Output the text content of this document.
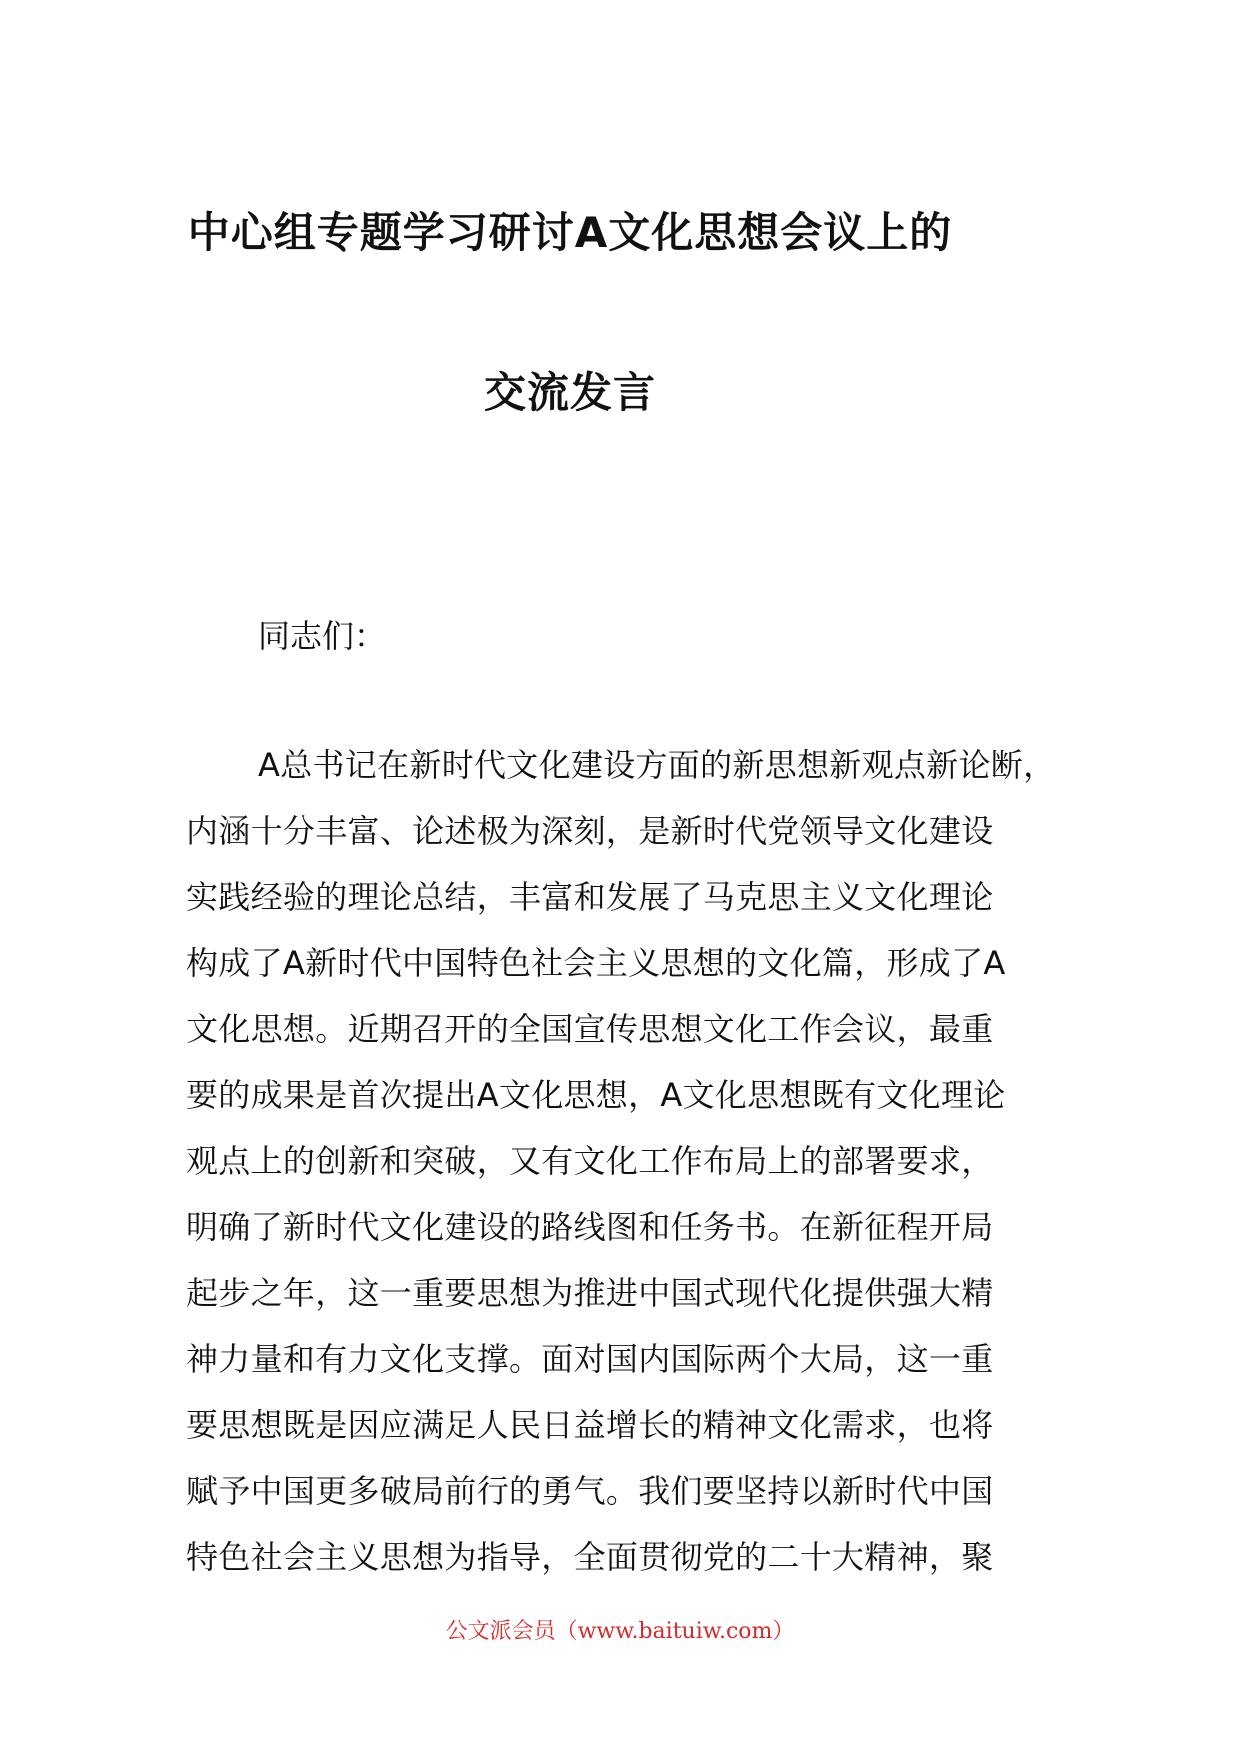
中心组专题学习研讨A文化思想会议上的
交流发言

同志们：

A总书记在新时代文化建设方面的新思想新观点新论断，
内涵十分丰富、论述极为深刻，是新时代党领导文化建设
实践经验的理论总结，丰富和发展了马克思主义文化理论
构成了A新时代中国特色社会主义思想的文化篇，形成了A
文化思想。近期召开的全国宣传思想文化工作会议，最重
要的成果是首次提出A文化思想，A文化思想既有文化理论
观点上的创新和突破，又有文化工作布局上的部署要求，
明确了新时代文化建设的路线图和任务书。在新征程开局
起步之年，这一重要思想为推进中国式现代化提供强大精
神力量和有力文化支撑。面对国内国际两个大局，这一重
要思想既是因应满足人民日益增长的精神文化需求，也将
赋予中国更多破局前行的勇气。我们要坚持以新时代中国
特色社会主义思想为指导，全面贯彻党的二十大精神，聚

公文派会员（www.baituiw.com）
